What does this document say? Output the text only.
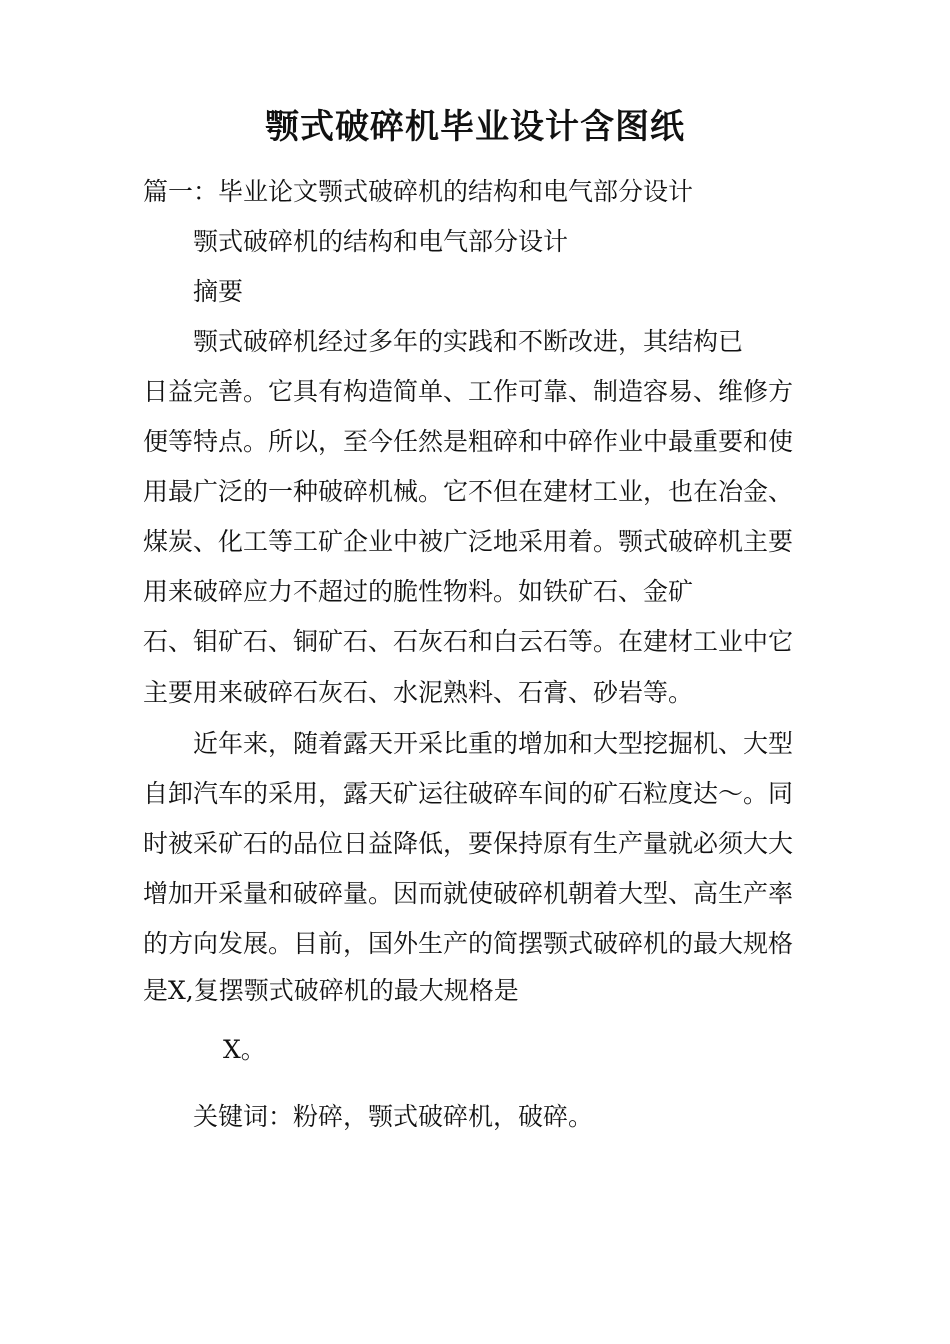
颚式破碎机毕业设计含图纸

篇一：毕业论文颚式破碎机的结构和电气部分设计

颚式破碎机的结构和电气部分设计

摘要

颚式破碎机经过多年的实践和不断改进，其结构已

日益完善。它具有构造简单、工作可靠、制造容易、维修方

便等特点。所以，至今任然是粗碎和中碎作业中最重要和使

用最广泛的一种破碎机械。它不但在建材工业，也在冶金、

煤炭、化工等工矿企业中被广泛地采用着。颚式破碎机主要

用来破碎应力不超过的脆性物料。如铁矿石、金矿

石、钼矿石、铜矿石、石灰石和白云石等。在建材工业中它

主要用来破碎石灰石、水泥熟料、石膏、砂岩等。

近年来，随着露天开采比重的增加和大型挖掘机、大型

自卸汽车的采用，露天矿运往破碎车间的矿石粒度达〜。同

时被采矿石的品位日益降低，要保持原有生产量就必须大大

增加开采量和破碎量。因而就使破碎机朝着大型、高生产率

的方向发展。目前，国外生产的简摆颚式破碎机的最大规格

是X,复摆颚式破碎机的最大规格是

X。

关键词：粉碎，颚式破碎机，破碎。
